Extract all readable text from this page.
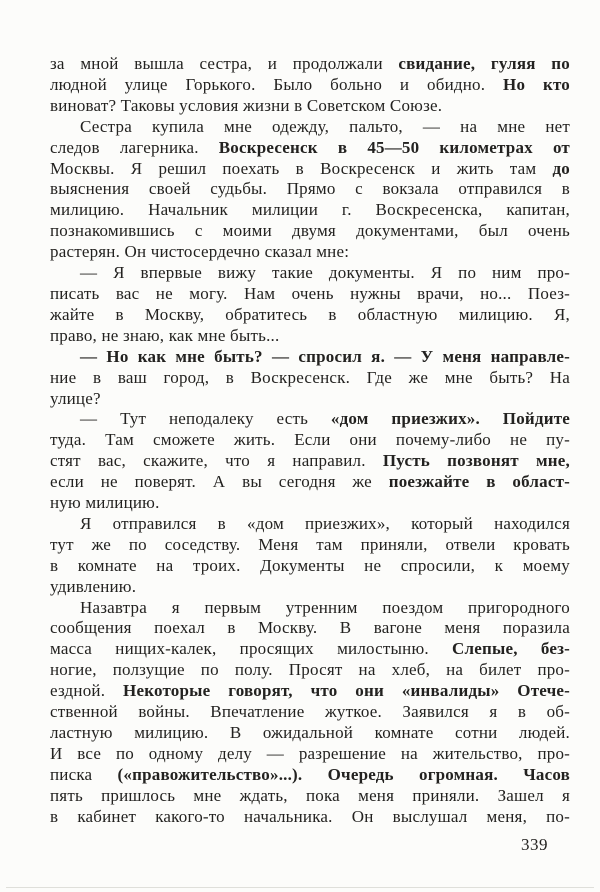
за мной вышла сестра, и продолжали свидание, гуляя по
людной улице Горького. Было больно и обидно. Но кто
виноват? Таковы условия жизни в Советском Союзе.
Сестра купила мне одежду, пальто, — на мне нет
следов лагерника. Воскресенск в 45—50 километрах от
Москвы. Я решил поехать в Воскресенск и жить там до
выяснения своей судьбы. Прямо с вокзала отправился в
милицию. Начальник милиции г. Воскресенска, капитан,
познакомившись с моими двумя документами, был очень
растерян. Он чистосердечно сказал мне:
— Я впервые вижу такие документы. Я по ним про-
писать вас не могу. Нам очень нужны врачи, но... Поез-
жайте в Москву, обратитесь в областную милицию. Я,
право, не знаю, как мне быть...
— Но как мне быть? — спросил я. — У меня направле-
ние в ваш город, в Воскресенск. Где же мне быть? На
улице?
— Тут неподалеку есть «дом приезжих». Пойдите
туда. Там сможете жить. Если они почему-либо не пу-
стят вас, скажите, что я направил. Пусть позвонят мне,
если не поверят. А вы сегодня же поезжайте в област-
ную милицию.
Я отправился в «дом приезжих», который находился
тут же по соседству. Меня там приняли, отвели кровать
в комнате на троих. Документы не спросили, к моему
удивлению.
Назавтра я первым утренним поездом пригородного
сообщения поехал в Москву. В вагоне меня поразила
масса нищих-калек, просящих милостыню. Слепые, без-
ногие, ползущие по полу. Просят на хлеб, на билет про-
ездной. Некоторые говорят, что они «инвалиды» Отече-
ственной войны. Впечатление жуткое. Заявился я в об-
ластную милицию. В ожидальной комнате сотни людей.
И все по одному делу — разрешение на жительство, про-
писка («правожительство»...). Очередь огромная. Часов
пять пришлось мне ждать, пока меня приняли. Зашел я
в кабинет какого-то начальника. Он выслушал меня, по-
339
